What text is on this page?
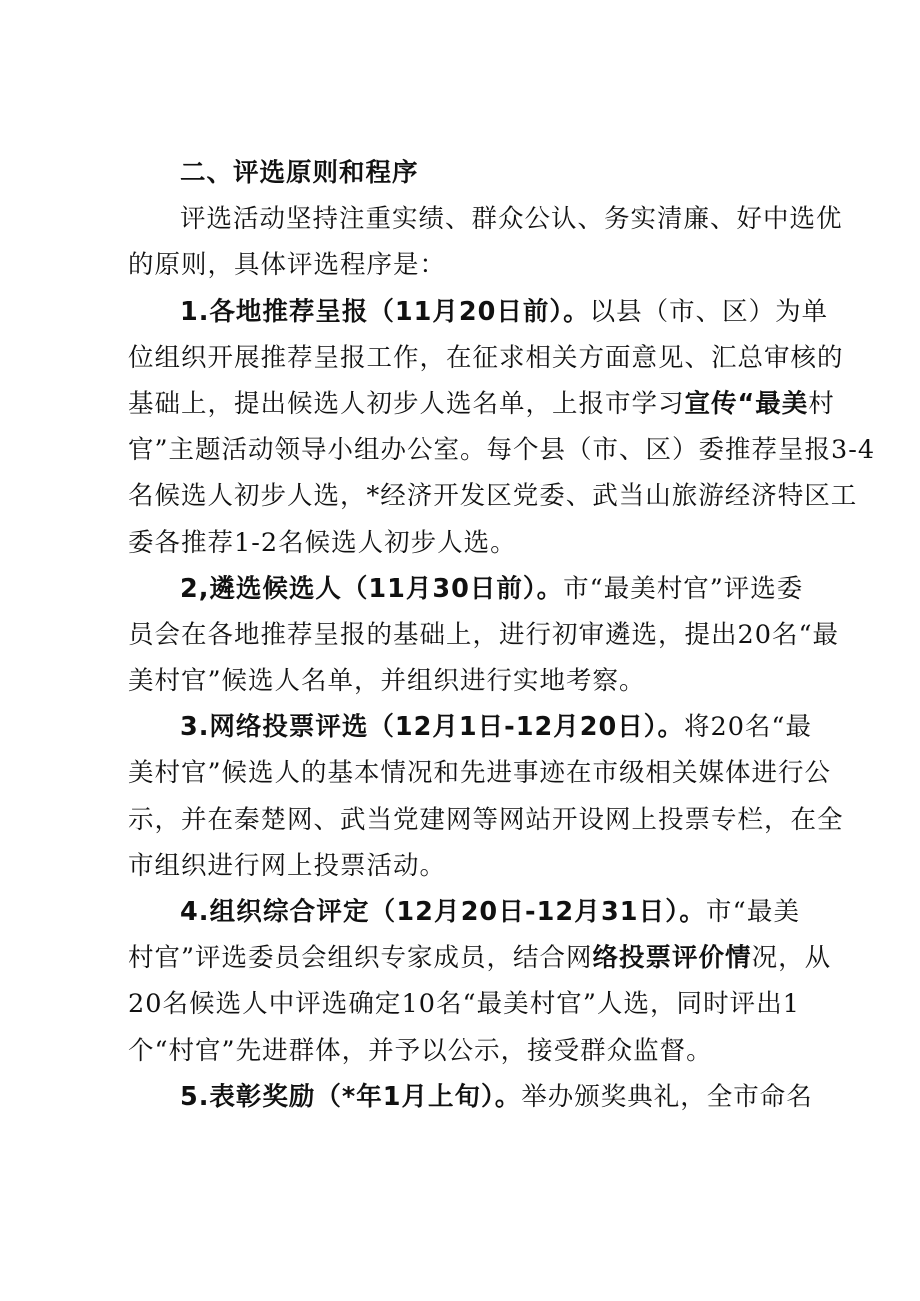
二、评选原则和程序
评选活动坚持注重实绩、群众公认、务实清廉、好中选优
的原则，具体评选程序是：
1.各地推荐呈报（11月20日前）。以县（市、区）为单
位组织开展推荐呈报工作，在征求相关方面意见、汇总审核的
基础上，提出候选人初步人选名单，上报市学习宣传“最美村
官”主题活动领导小组办公室。每个县（市、区）委推荐呈报3-4
名候选人初步人选，*经济开发区党委、武当山旅游经济特区工
委各推荐1-2名候选人初步人选。
2,遴选候选人（11月30日前）。市“最美村官”评选委
员会在各地推荐呈报的基础上，进行初审遴选，提出20名“最
美村官”候选人名单，并组织进行实地考察。
3.网络投票评选（12月1日-12月20日）。将20名“最
美村官”候选人的基本情况和先进事迹在市级相关媒体进行公
示，并在秦楚网、武当党建网等网站开设网上投票专栏，在全
市组织进行网上投票活动。
4.组织综合评定（12月20日-12月31日）。市“最美
村官”评选委员会组织专家成员，结合网络投票评价情况，从
20名候选人中评选确定10名“最美村官”人选，同时评出1
个“村官”先进群体，并予以公示，接受群众监督。
5.表彰奖励（*年1月上旬）。举办颁奖典礼，全市命名
